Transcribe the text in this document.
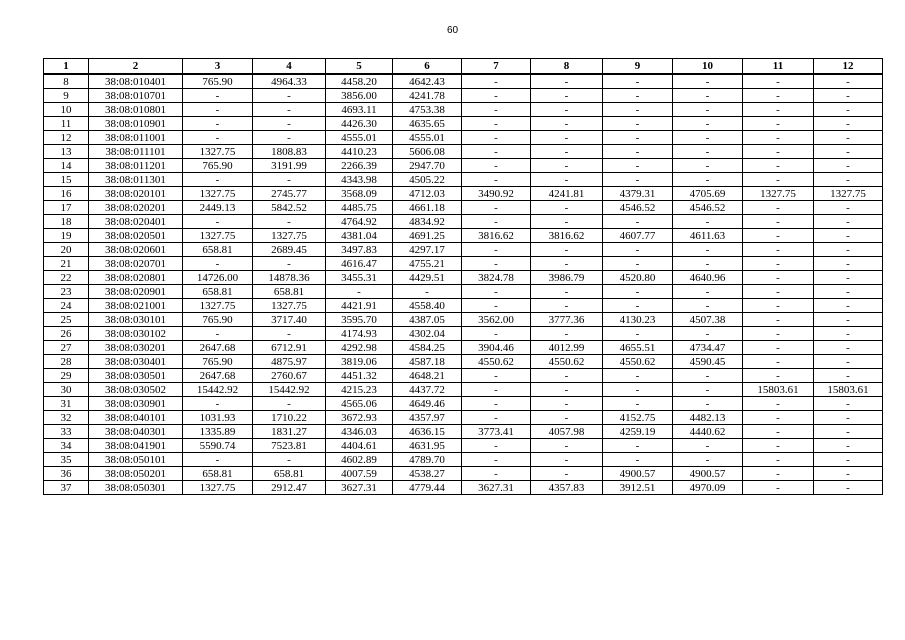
60
1	2	3	4	5	6	7	8	9	10	11	12
8	38:08:010401	765.90	4964.33	4458.20	4642.43	-	-	-	-	-	-
9	38:08:010701	-	-	3856.00	4241.78	-	-	-	-	-	-
10	38:08:010801	-	-	4693.11	4753.38	-	-	-	-	-	-
11	38:08:010901	-	-	4426.30	4635.65	-	-	-	-	-	-
12	38:08:011001	-	-	4555.01	4555.01	-	-	-	-	-	-
13	38:08:011101	1327.75	1808.83	4410.23	5606.08	-	-	-	-	-	-
14	38:08:011201	765.90	3191.99	2266.39	2947.70	-	-	-	-	-	-
15	38:08:011301	-	-	4343.98	4505.22	-	-	-	-	-	-
16	38:08:020101	1327.75	2745.77	3568.09	4712.03	3490.92	4241.81	4379.31	4705.69	1327.75	1327.75
17	38:08:020201	2449.13	5842.52	4485.75	4661.18	-	-	4546.52	4546.52	-	-
18	38:08:020401	-	-	4764.92	4834.92	-	-	-	-	-	-
19	38:08:020501	1327.75	1327.75	4381.04	4691.25	3816.62	3816.62	4607.77	4611.63	-	-
20	38:08:020601	658.81	2689.45	3497.83	4297.17	-	-	-	-	-	-
21	38:08:020701	-	-	4616.47	4755.21	-	-	-	-	-	-
22	38:08:020801	14726.00	14878.36	3455.31	4429.51	3824.78	3986.79	4520.80	4640.96	-	-
23	38:08:020901	658.81	658.81	-	-	-	-	-	-	-	-
24	38:08:021001	1327.75	1327.75	4421.91	4558.40	-	-	-	-	-	-
25	38:08:030101	765.90	3717.40	3595.70	4387.05	3562.00	3777.36	4130.23	4507.38	-	-
26	38:08:030102	-	-	4174.93	4302.04	-	-	-	-	-	-
27	38:08:030201	2647.68	6712.91	4292.98	4584.25	3904.46	4012.99	4655.51	4734.47	-	-
28	38:08:030401	765.90	4875.97	3819.06	4587.18	4550.62	4550.62	4550.62	4590.45	-	-
29	38:08:030501	2647.68	2760.67	4451.32	4648.21	-	-	-	-	-	-
30	38:08:030502	15442.92	15442.92	4215.23	4437.72	-	-	-	-	15803.61	15803.61
31	38:08:030901	-	-	4565.06	4649.46	-	-	-	-	-	-
32	38:08:040101	1031.93	1710.22	3672.93	4357.97	-	-	4152.75	4482.13	-	-
33	38:08:040301	1335.89	1831.27	4346.03	4636.15	3773.41	4057.98	4259.19	4440.62	-	-
34	38:08:041901	5590.74	7523.81	4404.61	4631.95	-	-	-	-	-	-
35	38:08:050101	-	-	4602.89	4789.70	-	-	-	-	-	-
36	38:08:050201	658.81	658.81	4007.59	4538.27	-	-	4900.57	4900.57	-	-
37	38:08:050301	1327.75	2912.47	3627.31	4779.44	3627.31	4357.83	3912.51	4970.09	-	-
